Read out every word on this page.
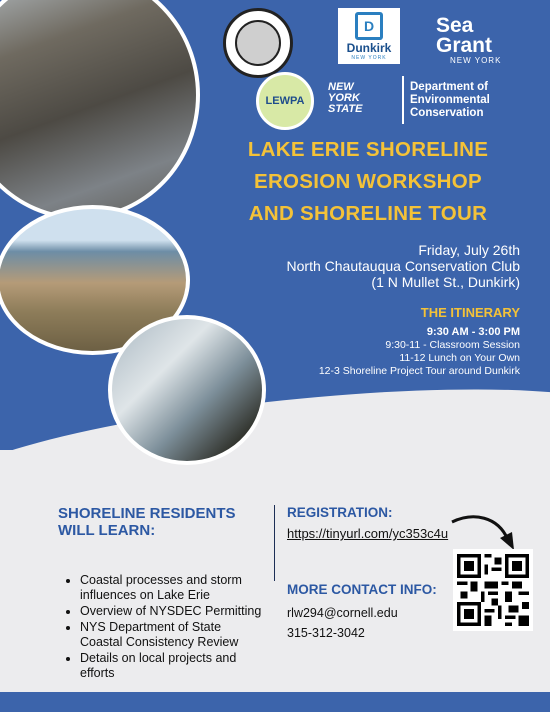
D
Dunkirk
NEW YORK
Sea
Grant
NEW YORK
LEWPA
NEW
YORK
STATE
Department of
Environmental
Conservation
LAKE ERIE SHORELINE
EROSION WORKSHOP
AND SHORELINE TOUR
Friday, July 26th
North Chautauqua Conservation Club
(1 N Mullet St., Dunkirk)
THE ITINERARY
9:30 AM - 3:00 PM
9:30-11 - Classroom Session
11-12 Lunch on Your Own
12-3 Shoreline Project Tour around Dunkirk
SHORELINE RESIDENTS
WILL LEARN:
• Coastal processes and storm influences on Lake Erie
• Overview of NYSDEC Permitting
• NYS Department of State Coastal Consistency Review
• Details on local projects and efforts
REGISTRATION:
https://tinyurl.com/yc353c4u
MORE CONTACT INFO:
rlw294@cornell.edu
315-312-3042
